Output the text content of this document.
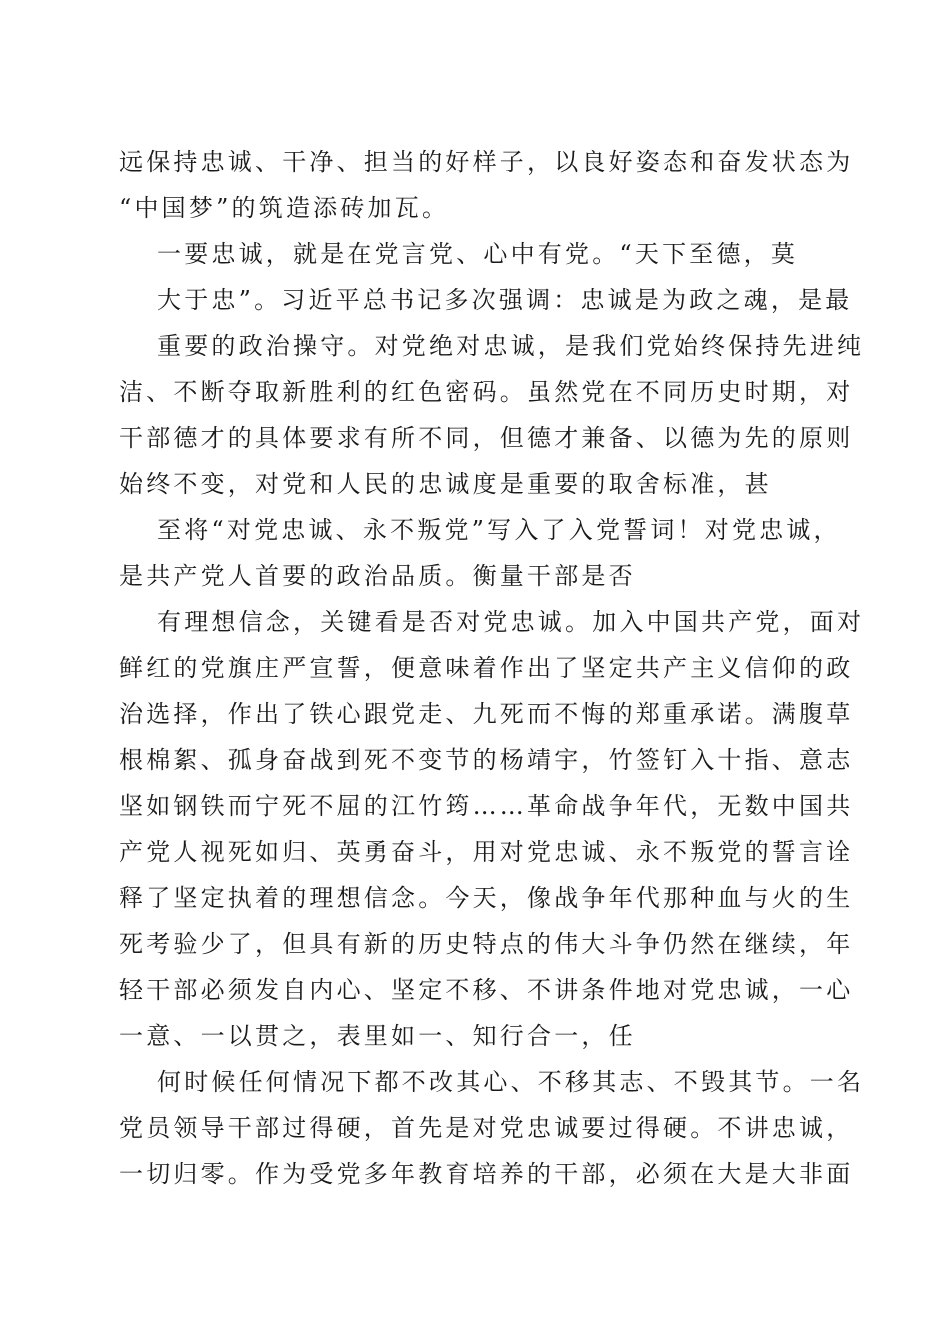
远保持忠诚、干净、担当的好样子，以良好姿态和奋发状态为
“中国梦”的筑造添砖加瓦。
一要忠诚，就是在党言党、心中有党。“天下至德，莫
大于忠”。习近平总书记多次强调：忠诚是为政之魂，是最
重要的政治操守。对党绝对忠诚，是我们党始终保持先进纯
洁、不断夺取新胜利的红色密码。虽然党在不同历史时期，对
干部德才的具体要求有所不同，但德才兼备、以德为先的原则
始终不变，对党和人民的忠诚度是重要的取舍标准，甚
至将“对党忠诚、永不叛党”写入了入党誓词！对党忠诚，
是共产党人首要的政治品质。衡量干部是否
有理想信念，关键看是否对党忠诚。加入中国共产党，面对
鲜红的党旗庄严宣誓，便意味着作出了坚定共产主义信仰的政
治选择，作出了铁心跟党走、九死而不悔的郑重承诺。满腹草
根棉絮、孤身奋战到死不变节的杨靖宇，竹签钉入十指、意志
坚如钢铁而宁死不屈的江竹筠……革命战争年代，无数中国共
产党人视死如归、英勇奋斗，用对党忠诚、永不叛党的誓言诠
释了坚定执着的理想信念。今天，像战争年代那种血与火的生
死考验少了，但具有新的历史特点的伟大斗争仍然在继续，年
轻干部必须发自内心、坚定不移、不讲条件地对党忠诚，一心
一意、一以贯之，表里如一、知行合一，任
何时候任何情况下都不改其心、不移其志、不毁其节。一名
党员领导干部过得硬，首先是对党忠诚要过得硬。不讲忠诚，
一切归零。作为受党多年教育培养的干部，必须在大是大非面
